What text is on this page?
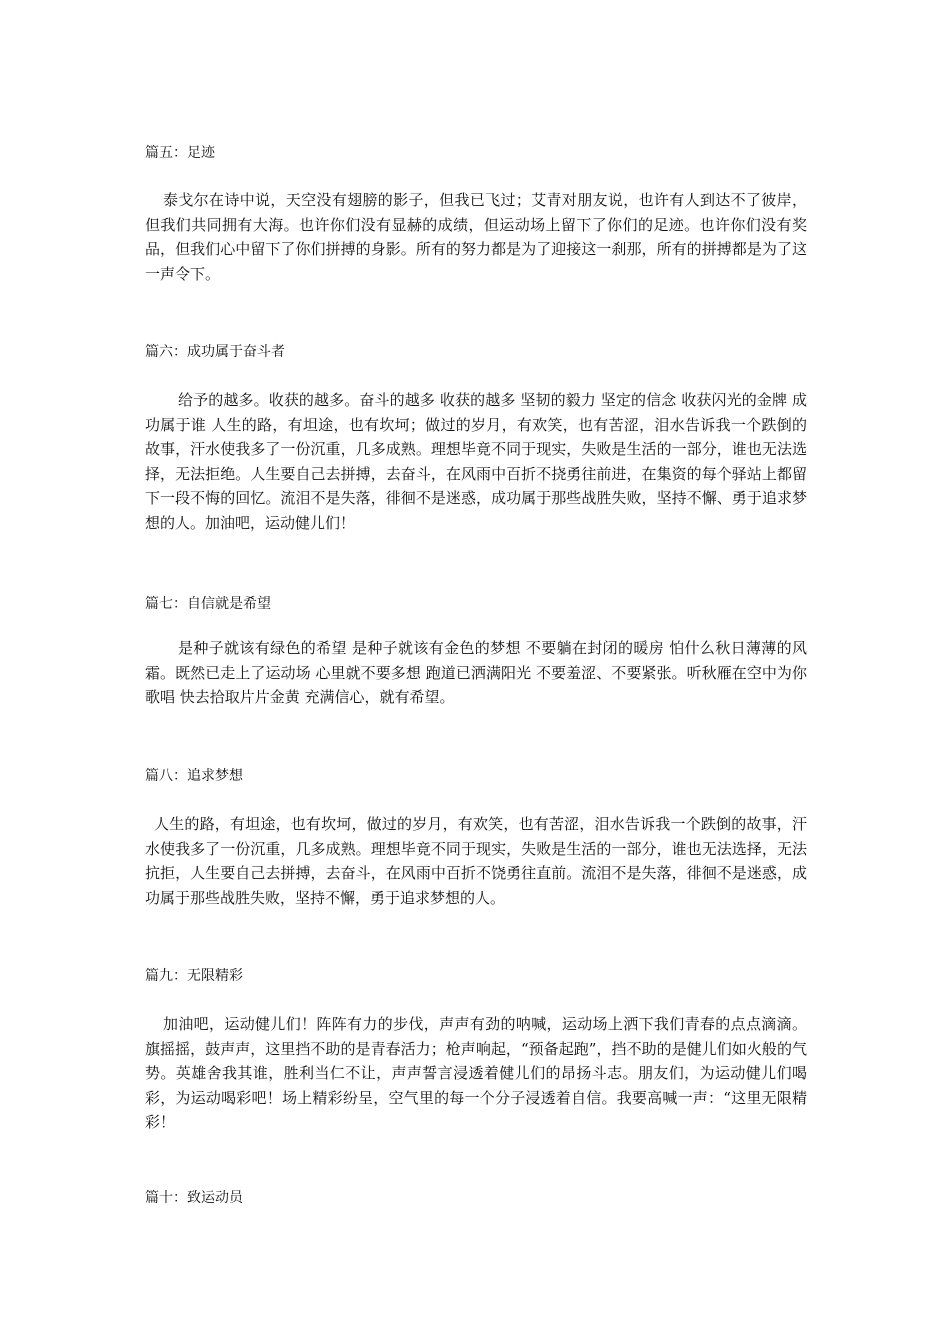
篇五：足迹

泰戈尔在诗中说，天空没有翅膀的影子，但我已飞过；艾青对朋友说，也许有人到达不了彼岸，但我们共同拥有大海。也许你们没有显赫的成绩，但运动场上留下了你们的足迹。也许你们没有奖品，但我们心中留下了你们拼搏的身影。所有的努力都是为了迎接这一刹那，所有的拼搏都是为了这一声令下。

篇六：成功属于奋斗者

给予的越多。收获的越多。奋斗的越多 收获的越多 坚韧的毅力 坚定的信念 收获闪光的金牌 成功属于谁 人生的路，有坦途，也有坎坷；做过的岁月，有欢笑，也有苦涩，泪水告诉我一个跌倒的故事，汗水使我多了一份沉重，几多成熟。理想毕竟不同于现实，失败是生活的一部分，谁也无法选择，无法拒绝。人生要自己去拼搏，去奋斗，在风雨中百折不挠勇往前进，在集资的每个驿站上都留下一段不悔的回忆。流泪不是失落，徘徊不是迷惑，成功属于那些战胜失败，坚持不懈、勇于追求梦想的人。加油吧，运动健儿们！

篇七：自信就是希望

是种子就该有绿色的希望 是种子就该有金色的梦想 不要躺在封闭的暖房 怕什么秋日薄薄的风霜。既然已走上了运动场 心里就不要多想 跑道已洒满阳光 不要羞涩、不要紧张。听秋雁在空中为你歌唱 快去拾取片片金黄 充满信心，就有希望。

篇八：追求梦想

人生的路，有坦途，也有坎坷，做过的岁月，有欢笑，也有苦涩，泪水告诉我一个跌倒的故事，汗水使我多了一份沉重，几多成熟。理想毕竟不同于现实，失败是生活的一部分，谁也无法选择，无法抗拒，人生要自己去拼搏，去奋斗，在风雨中百折不饶勇往直前。流泪不是失落，徘徊不是迷惑，成功属于那些战胜失败，坚持不懈，勇于追求梦想的人。

篇九：无限精彩

加油吧，运动健儿们！阵阵有力的步伐，声声有劲的呐喊，运动场上洒下我们青春的点点滴滴。旗摇摇，鼓声声，这里挡不助的是青春活力；枪声响起，“预备起跑”，挡不助的是健儿们如火般的气势。英雄舍我其谁，胜利当仁不让，声声誓言浸透着健儿们的昂扬斗志。朋友们，为运动健儿们喝彩，为运动喝彩吧！场上精彩纷呈，空气里的每一个分子浸透着自信。我要高喊一声：“这里无限精彩！

篇十：致运动员
